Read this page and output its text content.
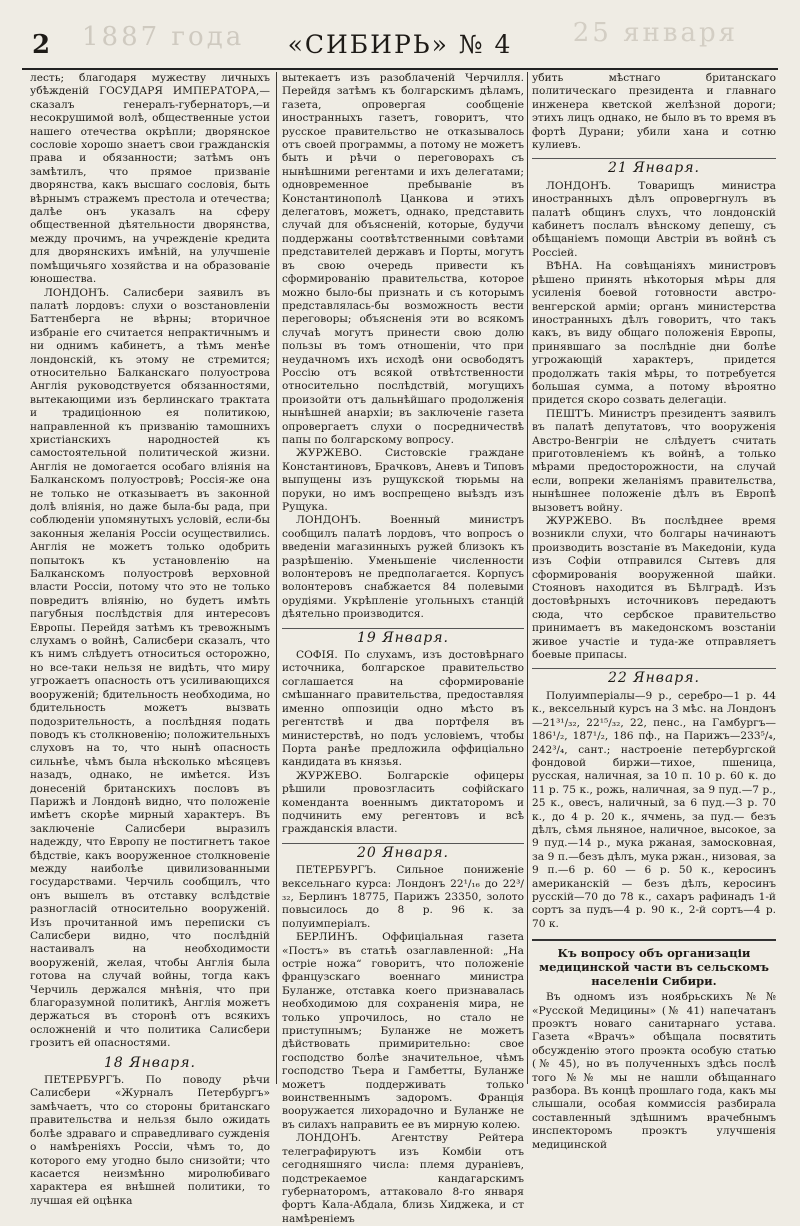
1887 года	25 января
2	«СИБИРЬ» № 4

лесть; благодаря мужеству личныхъ убѣжденій ГОСУДАРЯ ИМПЕРАТОРА,—сказалъ генералъ-губернаторъ,—и несокрушимой волѣ, общественные устои нашего отечества окрѣпли; дворянское сословіе хорошо знаетъ свои гражданскія права и обязанности; затѣмъ онъ замѣтилъ, что прямое призваніе дворянства, какъ высшаго сословія, быть вѣрнымъ стражемъ престола и отечества; далѣе онъ указалъ на сферу общественной дѣятельности дворянства, между прочимъ, на учрежденіе кредита для дворянскихъ имѣній, на улучшеніе помѣщичьяго хозяйства и на образованіе юношества.

ЛОНДОНЪ. Салисбери заявилъ въ палатѣ лордовъ: слухи о возстановленіи Баттенберга не вѣрны; вторичное избраніе его считается непрактичнымъ и ни однимъ кабинетъ, а тѣмъ менѣе лондонскій, къ этому не стремится; относительно Балканскаго полуострова Англія руководствуется обязанностями, вытекающими изъ берлинскаго трактата и традиціонною ея политикою, направленной къ призванію тамошнихъ христіанскихъ народностей къ самостоятельной политической жизни. Англія не домогается особаго вліянія на Балканскомъ полуостровѣ; Россія-же она не только не отказываетъ въ законной долѣ вліянія, но даже была-бы рада, при соблюденіи упомянутыхъ условій, если-бы законныя желанія Россіи осуществились. Англія не можетъ только одобрить попытокъ къ установленію на Балканскомъ полуостровѣ верховной власти Россіи, потому что это не только повредитъ вліянію, но будетъ имѣть пагубныя послѣдствія для интересовъ Европы. Перейдя затѣмъ къ тревожнымъ слухамъ о войнѣ, Салисбери сказалъ, что къ нимъ слѣдуетъ относиться осторожно, но все-таки нельзя не видѣть, что миру угрожаетъ опасность отъ усиливающихся вооруженій; бдительность необходима, но бдительность можетъ вызвать подозрительность, а послѣдняя подать поводъ къ столкновенію; положительныхъ слуховъ на то, что нынѣ опасность сильнѣе, чѣмъ была нѣсколько мѣсяцевъ назадъ, однако, не имѣется. Изъ донесеній британскихъ пословъ въ Парижѣ и Лондонѣ видно, что положеніе имѣетъ скорѣе мирный характеръ. Въ заключеніе Салисбери выразилъ надежду, что Европу не постигнетъ такое бѣдствіе, какъ вооруженное столкновеніе между наиболѣе цивилизованными государствами. Черчиль сообщилъ, что онъ вышелъ въ отставку вслѣдствіе разногласій относительно вооруженій. Изъ прочитанной имъ переписки съ Салисбери видно, что послѣдній настаивалъ на необходимости вооруженій, желая, чтобы Англія была готова на случай войны, тогда какъ Черчиль держался мнѣнія, что при благоразумной политикѣ, Англія можетъ держаться въ сторонѣ отъ всякихъ осложненій и что политика Салисбери грозитъ ей опасностями.

18 Января.

ПЕТЕРБУРГЪ. По поводу рѣчи Салисбери «Журналъ Петербургъ» замѣчаетъ, что со стороны британскаго правительства и нельзя было ожидать болѣе здраваго и справедливаго сужденія о намѣреніяхъ Россіи, чѣмъ то, до которого ему угодно было снизойти; что касается неизмѣнно миролюбиваго характера ея внѣшней политики, то лучшая ей оцѣнка

вытекаетъ изъ разоблаченій Черчилля. Перейдя затѣмъ къ болгарскимъ дѣламъ, газета, опровергая сообщеніе иностранныхъ газетъ, говоритъ, что русское правительство не отказывалось отъ своей программы, а потому не можетъ быть и рѣчи о переговорахъ съ нынѣшними регентами и ихъ делегатами; одновременное пребываніе въ Константинополѣ Цанкова и этихъ делегатовъ, можетъ, однако, представить случай для объясненій, которые, будучи поддержаны соотвѣтственными совѣтами представителей державъ и Порты, могутъ въ свою очередь привести къ сформированію правительства, которое можно было-бы признать и съ которымъ представлялась-бы возможность вести переговоры; объясненія эти во всякомъ случаѣ могутъ принести свою долю пользы въ томъ отношеніи, что при неудачномъ ихъ исходѣ они освободятъ Россію отъ всякой отвѣтственности относительно послѣдствій, могущихъ произойти отъ дальнѣйшаго продолженія нынѣшней анархіи; въ заключеніе газета опровергаетъ слухи о посредничествѣ папы по болгарскому вопросу.

ЖУРЖЕВО. Систовскіе граждане Константиновъ, Брачковъ, Аневъ и Типовъ выпущены изъ рущукской тюрьмы на поруки, но имъ воспрещено выѣздъ изъ Рущука.

ЛОНДОНЪ. Военный министръ сообщилъ палатѣ лордовъ, что вопросъ о введеніи магазинныхъ ружей близокъ къ разрѣшенію. Уменьшеніе численности волонтеровъ не предполагается. Корпусъ волонтеровъ снабжается 84 полевыми орудіями. Укрѣпленіе угольныхъ станцій дѣятельно производится.

19 Января.

СОФІЯ. По слухамъ, изъ достовѣрнаго источника, болгарское правительство соглашается на сформированіе смѣшаннаго правительства, предоставляя именно оппозиціи одно мѣсто въ регентствѣ и два портфеля въ министерствѣ, но подъ условіемъ, чтобы Порта ранѣе предложила оффиціально кандидата въ князья.

ЖУРЖЕВО. Болгарскіе офицеры рѣшили провозгласить софійскаго коменданта военнымъ диктаторомъ и подчинить ему регентовъ и всѣ гражданскія власти.

20 Января.

ПЕТЕРБУРГЪ. Сильное пониженіе вексельнаго курса: Лондонъ 22¹/₁₆ до 22³/₃₂, Берлинъ 18775, Парижъ 23350, золото повысилось до 8 р. 96 к. за полуимперіалъ.

БЕРЛИНЪ. Оффиціальная газета «Постъ» въ статьѣ озаглавленной: „На острiе ножа“ говоритъ, что положеніе французскаго военнаго министра Буланже, отставка коего признавалась необходимою для сохраненія мира, не только упрочилось, но стало не приступнымъ; Буланже не можетъ дѣйствовать примирительно: свое господство болѣе значительное, чѣмъ господство Тьера и Гамбетты, Буланже можетъ поддерживать только воинственнымъ задоромъ. Франція вооружается лихорадочно и Буланже не въ силахъ направить ее въ мирную колею.

ЛОНДОНЪ. Агентству Рейтера телеграфируютъ изъ Комбіи отъ сегодняшняго числа: племя дураніевъ, подстрекаемое кандагарскимъ губернаторомъ, аттаковало 8-го января фортъ Кала-Абдала, близь Хиджека, и ст намѣреніемъ

убить мѣстнаго британскаго политическаго президента и главнаго инженера кветской желѣзной дороги; этихъ лицъ однако, не было въ то время въ фортѣ Дурани; убили хана и сотню кулиевъ.

21 Января.

ЛОНДОНЪ. Товарищъ министра иностранныхъ дѣлъ опровергнулъ въ палатѣ общинъ слухъ, что лондонскій кабинетъ послалъ вѣнскому депешу, съ обѣщаніемъ помощи Австріи въ войнѣ съ Россіей.

ВѢНА. На совѣщаніяхъ министровъ рѣшено принять нѣкоторыя мѣры для усиленія боевой готовности австро-венгерской арміи; органъ министерства иностранныхъ дѣлъ говоритъ, что такъ какъ, въ виду общаго положенія Европы, принявшаго за послѣдніе дни болѣе угрожающій характеръ, придется продолжать такія мѣры, то потребуется большая сумма, а потому вѣроятно придется скоро созвать делегаціи.

ПЕШТЪ. Министръ президентъ заявилъ въ палатѣ депутатовъ, что вооруженія Австро-Венгріи не слѣдуетъ считать приготовленіемъ къ войнѣ, а только мѣрами предосторожности, на случай если, вопреки желаніямъ правительства, нынѣшнее положеніе дѣлъ въ Европѣ вызоветъ войну.

ЖУРЖЕВО. Въ послѣднее время возникли слухи, что болгары начинаютъ производить возстаніе въ Македоніи, куда изъ Софіи отправился Сытевъ для сформированія вооруженной шайки. Стояновъ находится въ Бѣлградѣ. Изъ достовѣрныхъ источниковъ передаютъ сюда, что сербское правительство принимаетъ въ македонскомъ возстаніи живое участіе и туда-же отправляетъ боевые припасы.

22 Января.

Полуимперіалы—9 р., серебро—1 р. 44 к., вексельный курсъ на 3 мѣс. на Лондонъ—21³¹/₃₂, 22¹⁵/₃₂, 22, пенс., на Гамбургъ—186¹/₂, 187¹/₂, 186 пф., на Парижъ—233⁵/₄, 242³/₄, сант.; настроеніе петербургской фондовой биржи—тихое, пшеница, русская, наличная, за 10 п. 10 р. 60 к. до 11 р. 75 к., рожь, наличная, за 9 пуд.—7 р., 25 к., овесъ, наличный, за 6 пуд.—3 р. 70 к., до 4 р. 20 к., ячмень, за пуд.— безъ дѣлъ, сѣмя льняное, наличное, высокое, за 9 пуд.—14 р., мука ржаная, замосковная, за 9 п.—безъ дѣлъ, мука ржан., низовая, за 9 п.—6 р. 60 — 6 р. 50 к., керосинъ американскій — безъ дѣлъ, керосинъ русскій—70 до 78 к., сахаръ рафинадъ 1-й сортъ за пудъ—4 р. 90 к., 2-й сортъ—4 р. 70 к.

Къ вопросу объ организаціи медицинской части въ сельскомъ населеніи Сибири.

Въ одномъ изъ ноябрьскихъ №№ «Русской Медицины» (№ 41) напечатанъ проэктъ новаго санитарнаго устава. Газета «Врачъ» обѣщала посвятить обсужденію этого проэкта особую статью (№ 45), но въ полученныхъ здѣсь послѣ того №№ мы не нашли обѣщаннаго разбора. Въ концѣ прошлаго года, какъ мы слышали, особая коммиссія разбирала составленный здѣшнимъ врачебнымъ инспекторомъ проэктъ улучшенія медицинской
